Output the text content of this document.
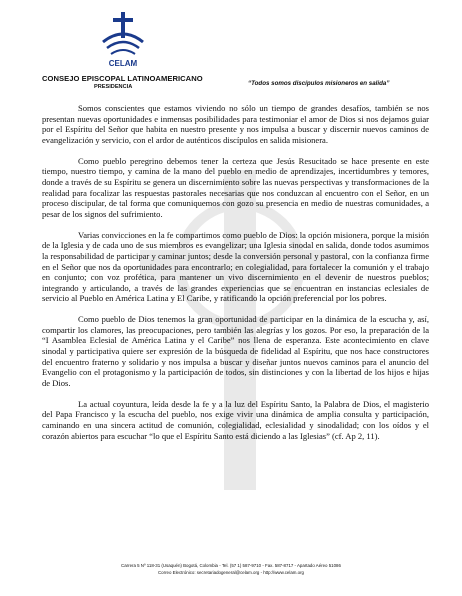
CELAM
CONSEJO EPISCOPAL LATINOAMERICANO
PRESIDENCIA	“Todos somos discípulos misioneros en salida”

Somos conscientes que estamos viviendo no sólo un tiempo de grandes desafíos, también se nos presentan nuevas oportunidades e inmensas posibilidades para testimoniar el amor de Dios si nos dejamos guiar por el Espíritu del Señor que habita en nuestro presente y nos impulsa a buscar y discernir nuevos caminos de evangelización y servicio, con el ardor de auténticos discípulos en salida misionera.

Como pueblo peregrino debemos tener la certeza que Jesús Resucitado se hace presente en este tiempo, nuestro tiempo, y camina de la mano del pueblo en medio de aprendizajes, incertidumbres y temores, donde a través de su Espíritu se genera un discernimiento sobre las nuevas perspectivas y transformaciones de la realidad para focalizar las respuestas pastorales necesarias que nos conduzcan al encuentro con el Señor, en un proceso discipular, de tal forma que comuniquemos con gozo su presencia en medio de nuestras comunidades, a pesar de los signos del sufrimiento.

Varias convicciones en la fe compartimos como pueblo de Dios: la opción misionera, porque la misión de la Iglesia y de cada uno de sus miembros es evangelizar; una Iglesia sinodal en salida, donde todos asumimos la responsabilidad de participar y caminar juntos; desde la conversión personal y pastoral, con la confianza firme en el Señor que nos da oportunidades para encontrarlo; en colegialidad, para fortalecer la comunión y el trabajo en conjunto; con voz profética, para mantener un vivo discernimiento en el devenir de nuestros pueblos; integrando y articulando, a través de las grandes experiencias que se encuentran en instancias eclesiales de servicio al Pueblo en América Latina y El Caribe, y ratificando la opción preferencial por los pobres.

Como pueblo de Dios tenemos la gran oportunidad de participar en la dinámica de la escucha y, así, compartir los clamores, las preocupaciones, pero también las alegrías y los gozos. Por eso, la preparación de la “I Asamblea Eclesial de América Latina y el Caribe” nos llena de esperanza. Este acontecimiento en clave sinodal y participativa quiere ser expresión de la búsqueda de fidelidad al Espíritu, que nos hace constructores del encuentro fraterno y solidario y nos impulsa a buscar y diseñar juntos nuevos caminos para el anuncio del Evangelio con el protagonismo y la participación de todos, sin distinciones y con la libertad de los hijos e hijas de Dios.

La actual coyuntura, leída desde la fe y a la luz del Espíritu Santo, la Palabra de Dios, el magisterio del Papa Francisco y la escucha del pueblo, nos exige vivir una dinámica de amplia consulta y participación, caminando en una sincera actitud de comunión, colegialidad, eclesialidad y sinodalidad; con los oídos y el corazón abiertos para escuchar “lo que el Espíritu Santo está diciendo a las Iglesias” (cf. Ap 2, 11).

Carrera 5 Nº 118-31 (Usaquén) Bogotá, Colombia - Tel. (57 1) 587-9710 - Fax. 587-8717 - Apartado Aéreo 51086
Correo Electrónico: secretariadogeneral@celam.org - http://www.celam.org
